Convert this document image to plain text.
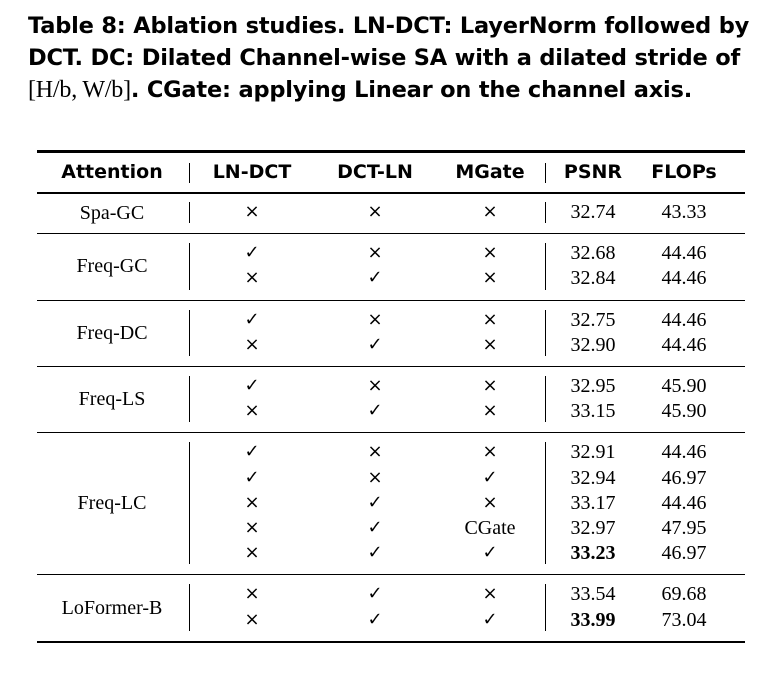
Table 8: Ablation studies. LN-DCT: LayerNorm followed by DCT. DC: Dilated Channel-wise SA with a dilated stride of [H/b, W/b]. CGate: applying Linear on the channel axis.
Attention	LN-DCT	DCT-LN	MGate	PSNR	FLOPs
Spa-GC	×	×	×	32.74	43.33
Freq-GC
✓	×	×	32.68	44.46
×	✓	×	32.84	44.46
Freq-DC
✓	×	×	32.75	44.46
×	✓	×	32.90	44.46
Freq-LS
✓	×	×	32.95	45.90
×	✓	×	33.15	45.90
Freq-LC
✓	×	×	32.91	44.46
✓	×	✓	32.94	46.97
×	✓	×	33.17	44.46
×	✓	CGate	32.97	47.95
×	✓	✓	33.23	46.97
LoFormer-B
×	✓	×	33.54	69.68
×	✓	✓	33.99	73.04
